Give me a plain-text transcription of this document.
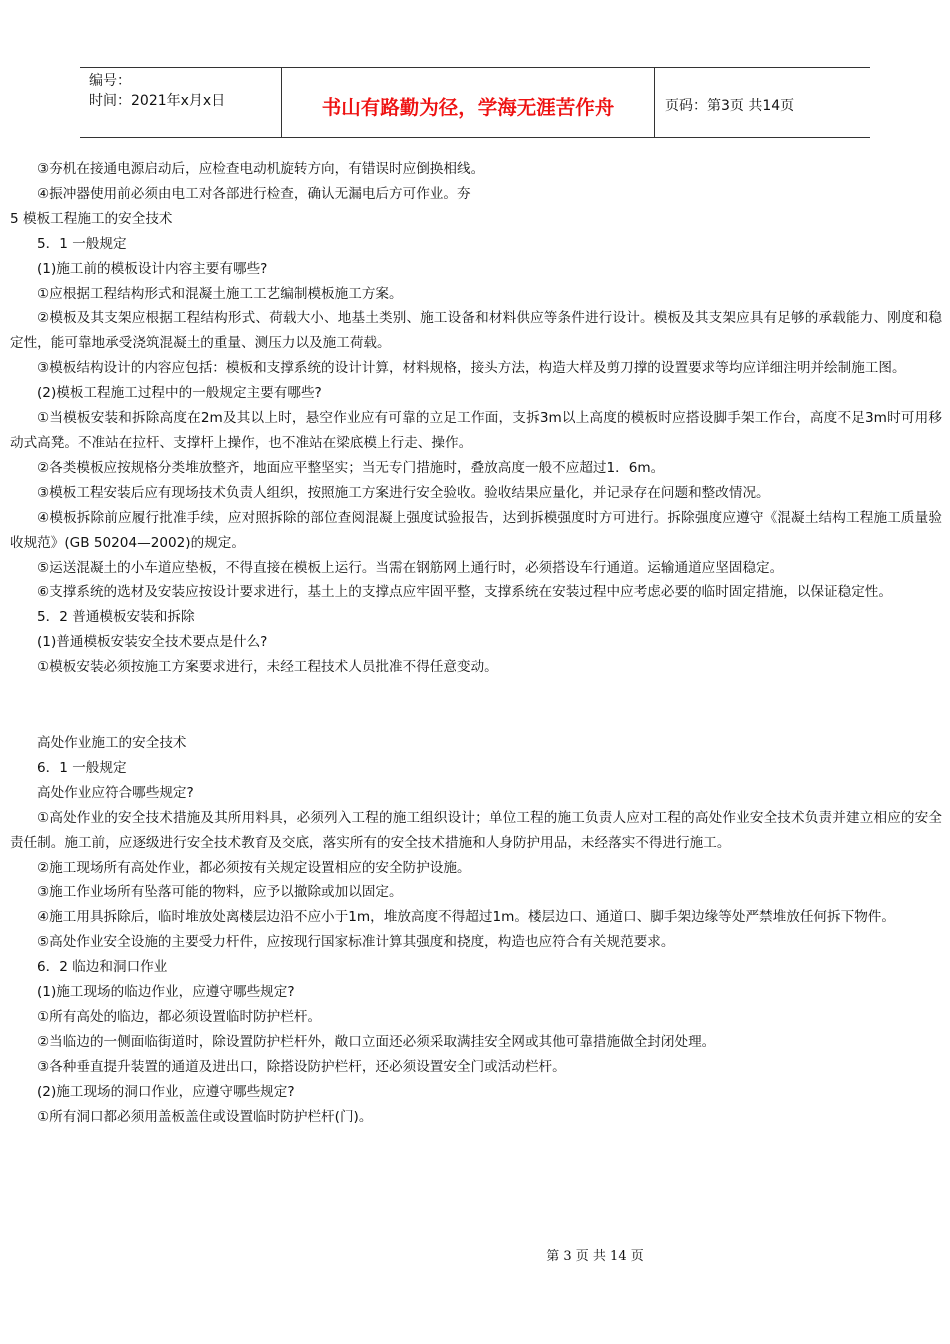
编号：
时间：2021年x月x日	书山有路勤为径，学海无涯苦作舟	页码：第3页 共14页

③夯机在接通电源启动后，应检查电动机旋转方向，有错误时应倒换相线。

④振冲器使用前必须由电工对各部进行检查，确认无漏电后方可作业。夯

5 模板工程施工的安全技术

5．1 一般规定

(1)施工前的模板设计内容主要有哪些?

①应根据工程结构形式和混凝土施工工艺编制模板施工方案。

②模板及其支架应根据工程结构形式、荷载大小、地基土类别、施工设备和材料供应等条件进行设计。模板及其支架应具有足够的承载能力、刚度和稳定性，能可靠地承受浇筑混凝土的重量、测压力以及施工荷载。

③模板结构设计的内容应包括：模板和支撑系统的设计计算，材料规格，接头方法，构造大样及剪刀撑的设置要求等均应详细注明并绘制施工图。

(2)模板工程施工过程中的一般规定主要有哪些?

①当模板安装和拆除高度在2m及其以上时，悬空作业应有可靠的立足工作面，支拆3m以上高度的模板时应搭设脚手架工作台，高度不足3m时可用移动式高凳。不准站在拉杆、支撑杆上操作，也不准站在梁底模上行走、操作。

②各类模板应按规格分类堆放整齐，地面应平整坚实；当无专门措施时，叠放高度一般不应超过1．6m。

③模板工程安装后应有现场技术负责人组织，按照施工方案进行安全验收。验收结果应量化，并记录存在问题和整改情况。

④模板拆除前应履行批准手续，应对照拆除的部位查阅混凝上强度试验报告，达到拆模强度时方可进行。拆除强度应遵守《混凝土结构工程施工质量验收规范》(GB 50204—2002)的规定。

⑤运送混凝土的小车道应垫板，不得直接在模板上运行。当需在钢筋网上通行时，必须搭设车行通道。运输通道应坚固稳定。

⑥支撑系统的选材及安装应按设计要求进行，基土上的支撑点应牢固平整，支撑系统在安装过程中应考虑必要的临时固定措施，以保证稳定性。

5．2 普通模板安装和拆除

(1)普通模板安装安全技术要点是什么?

①模板安装必须按施工方案要求进行，未经工程技术人员批准不得任意变动。

高处作业施工的安全技术

6．1 一般规定

高处作业应符合哪些规定?

①高处作业的安全技术措施及其所用料具，必须列入工程的施工组织设计；单位工程的施工负责人应对工程的高处作业安全技术负责并建立相应的安全责任制。施工前，应逐级进行安全技术教育及交底，落实所有的安全技术措施和人身防护用品，未经落实不得进行施工。

②施工现场所有高处作业，都必须按有关规定设置相应的安全防护设施。

③施工作业场所有坠落可能的物料，应予以撤除或加以固定。

④施工用具拆除后，临时堆放处离楼层边沿不应小于1m，堆放高度不得超过1m。楼层边口、通道口、脚手架边缘等处严禁堆放任何拆下物件。

⑤高处作业安全设施的主要受力杆件，应按现行国家标准计算其强度和挠度，构造也应符合有关规范要求。

6．2 临边和洞口作业

(1)施工现场的临边作业，应遵守哪些规定?

①所有高处的临边，都必须设置临时防护栏杆。

②当临边的一侧面临街道时，除设置防护栏杆外，敞口立面还必须采取满挂安全网或其他可靠措施做全封闭处理。

③各种垂直提升装置的通道及进出口，除搭设防护栏杆，还必须设置安全门或活动栏杆。

(2)施工现场的洞口作业，应遵守哪些规定?

①所有洞口都必须用盖板盖住或设置临时防护栏杆(门)。

第 3 页 共 14 页
